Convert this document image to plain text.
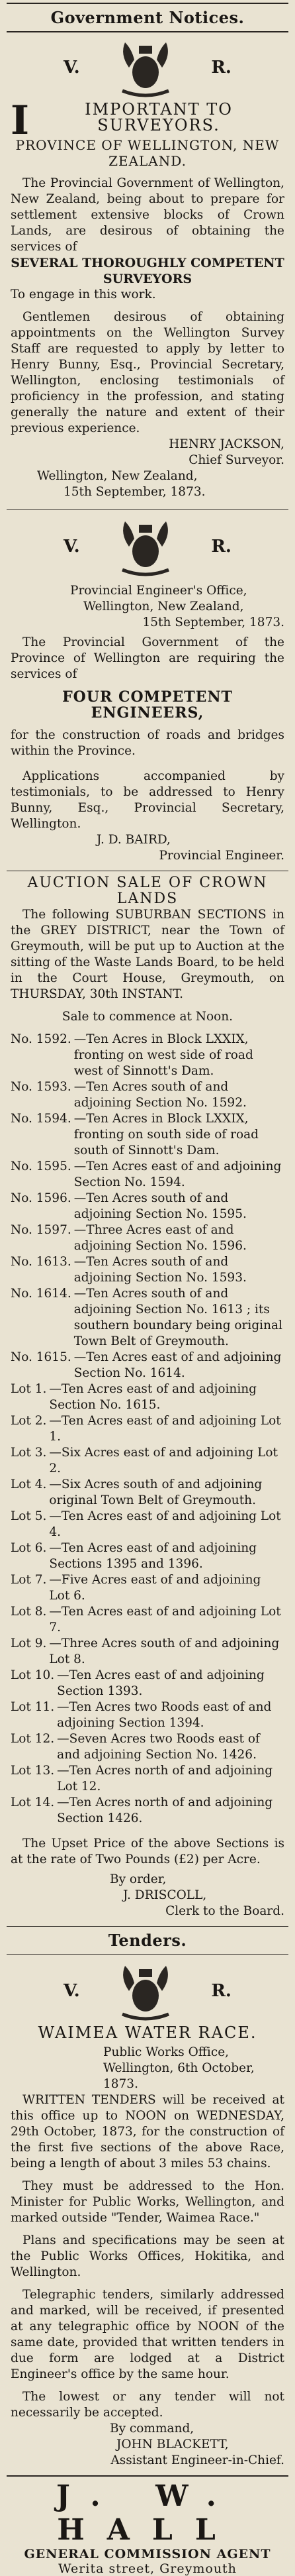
Government Notices.
V.	R.
I	IMPORTANT TO SURVEYORS.
PROVINCE OF WELLINGTON, NEW ZEALAND.
The Provincial Government of Wellington, New Zealand, being about to prepare for settlement extensive blocks of Crown Lands, are desirous of obtaining the services of
SEVERAL THOROUGHLY COMPETENT SURVEYORS
To engage in this work.
Gentlemen desirous of obtaining appointments on the Wellington Survey Staff are requested to apply by letter to Henry Bunny, Esq., Provincial Secretary, Wellington, enclosing testimonials of proficiency in the profession, and stating generally the nature and extent of their previous experience.
HENRY JACKSON,
Chief Surveyor.
Wellington, New Zealand,
15th September, 1873.
V.	R.
Provincial Engineer's Office,
Wellington, New Zealand,
15th September, 1873.
The Provincial Government of the Province of Wellington are requiring the services of
FOUR COMPETENT ENGINEERS,
for the construction of roads and bridges within the Province.
Applications accompanied by testimonials, to be addressed to Henry Bunny, Esq., Provincial Secretary, Wellington.
J. D. BAIRD,
Provincial Engineer.
AUCTION SALE OF CROWN LANDS
The following SUBURBAN SECTIONS in the GREY DISTRICT, near the Town of Greymouth, will be put up to Auction at the sitting of the Waste Lands Board, to be held in the Court House, Greymouth, on THURSDAY, 30th INSTANT.
Sale to commence at Noon.
No. 1592. —Ten Acres in Block LXXIX, fronting on west side of road west of Sinnott's Dam.
No. 1593. —Ten Acres south of and adjoining Section No. 1592.
No. 1594. —Ten Acres in Block LXXIX, fronting on south side of road south of Sinnott's Dam.
No. 1595. —Ten Acres east of and adjoining Section No. 1594.
No. 1596. —Ten Acres south of and adjoining Section No. 1595.
No. 1597. —Three Acres east of and adjoining Section No. 1596.
No. 1613. —Ten Acres south of and adjoining Section No. 1593.
No. 1614. —Ten Acres south of and adjoining Section No. 1613 ; its southern boundary being original Town Belt of Greymouth.
No. 1615. —Ten Acres east of and adjoining Section No. 1614.
Lot 1. —Ten Acres east of and adjoining Section No. 1615.
Lot 2. —Ten Acres east of and adjoining Lot 1.
Lot 3. —Six Acres east of and adjoining Lot 2.
Lot 4. —Six Acres south of and adjoining original Town Belt of Greymouth.
Lot 5. —Ten Acres east of and adjoining Lot 4.
Lot 6. —Ten Acres east of and adjoining Sections 1395 and 1396.
Lot 7. —Five Acres east of and adjoining Lot 6.
Lot 8. —Ten Acres east of and adjoining Lot 7.
Lot 9. —Three Acres south of and adjoining Lot 8.
Lot 10. —Ten Acres east of and adjoining Section 1393.
Lot 11. —Ten Acres two Roods east of and adjoining Section 1394.
Lot 12. —Seven Acres two Roods east of and adjoining Section No. 1426.
Lot 13. —Ten Acres north of and adjoining Lot 12.
Lot 14. —Ten Acres north of and adjoining Section 1426.
The Upset Price of the above Sections is at the rate of Two Pounds (£2) per Acre.
By order,
J. DRISCOLL,
Clerk to the Board.
Tenders.
V.	R.
WAIMEA WATER RACE.
Public Works Office,
Wellington, 6th October, 1873.
WRITTEN TENDERS will be received at this office up to NOON on WEDNESDAY, 29th October, 1873, for the construction of the first five sections of the above Race, being a length of about 3 miles 53 chains.
They must be addressed to the Hon. Minister for Public Works, Wellington, and marked outside "Tender, Waimea Race."
Plans and specifications may be seen at the Public Works Offices, Hokitika, and Wellington.
Telegraphic tenders, similarly addressed and marked, will be received, if presented at any telegraphic office by NOON of the same date, provided that written tenders in due form are lodged at a District Engineer's office by the same hour.
The lowest or any tender will not necessarily be accepted.
By command,
JOHN BLACKETT,
Assistant Engineer-in-Chief.
J. W. HALL
GENERAL COMMISSION AGENT
Werita street, Greymouth
